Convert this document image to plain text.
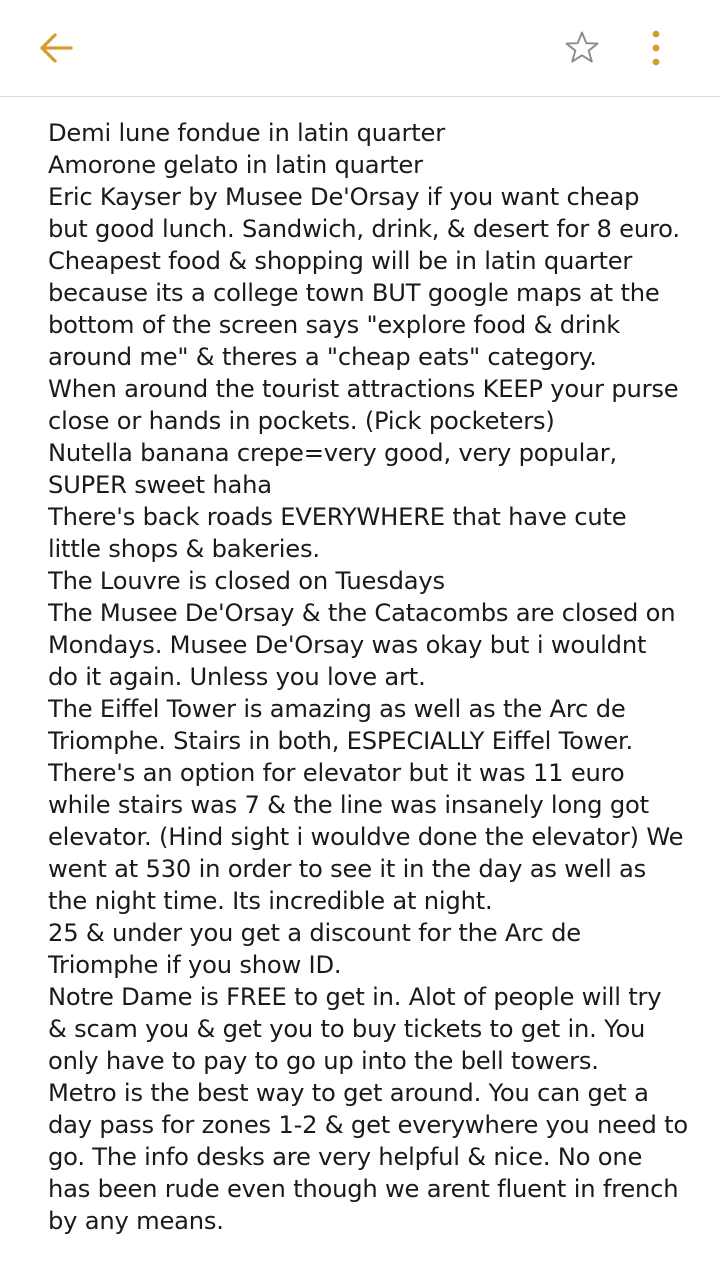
Demi lune fondue in latin quarter
Amorone gelato in latin quarter
Eric Kayser by Musee De'Orsay if you want cheap
but good lunch. Sandwich, drink, & desert for 8 euro.
Cheapest food & shopping will be in latin quarter
because its a college town BUT google maps at the
bottom of the screen says "explore food & drink
around me" & theres a "cheap eats" category.
When around the tourist attractions KEEP your purse
close or hands in pockets. (Pick pocketers)
Nutella banana crepe=very good, very popular,
SUPER sweet haha
There's back roads EVERYWHERE that have cute
little shops & bakeries.
The Louvre is closed on Tuesdays
The Musee De'Orsay & the Catacombs are closed on
Mondays. Musee De'Orsay was okay but i wouldnt
do it again. Unless you love art.
The Eiffel Tower is amazing as well as the Arc de
Triomphe. Stairs in both, ESPECIALLY Eiffel Tower.
There's an option for elevator but it was 11 euro
while stairs was 7 & the line was insanely long got
elevator. (Hind sight i wouldve done the elevator) We
went at 530 in order to see it in the day as well as
the night time. Its incredible at night.
25 & under you get a discount for the Arc de
Triomphe if you show ID.
Notre Dame is FREE to get in. Alot of people will try
& scam you & get you to buy tickets to get in. You
only have to pay to go up into the bell towers.
Metro is the best way to get around. You can get a
day pass for zones 1-2 & get everywhere you need to
go. The info desks are very helpful & nice. No one
has been rude even though we arent fluent in french
by any means.
